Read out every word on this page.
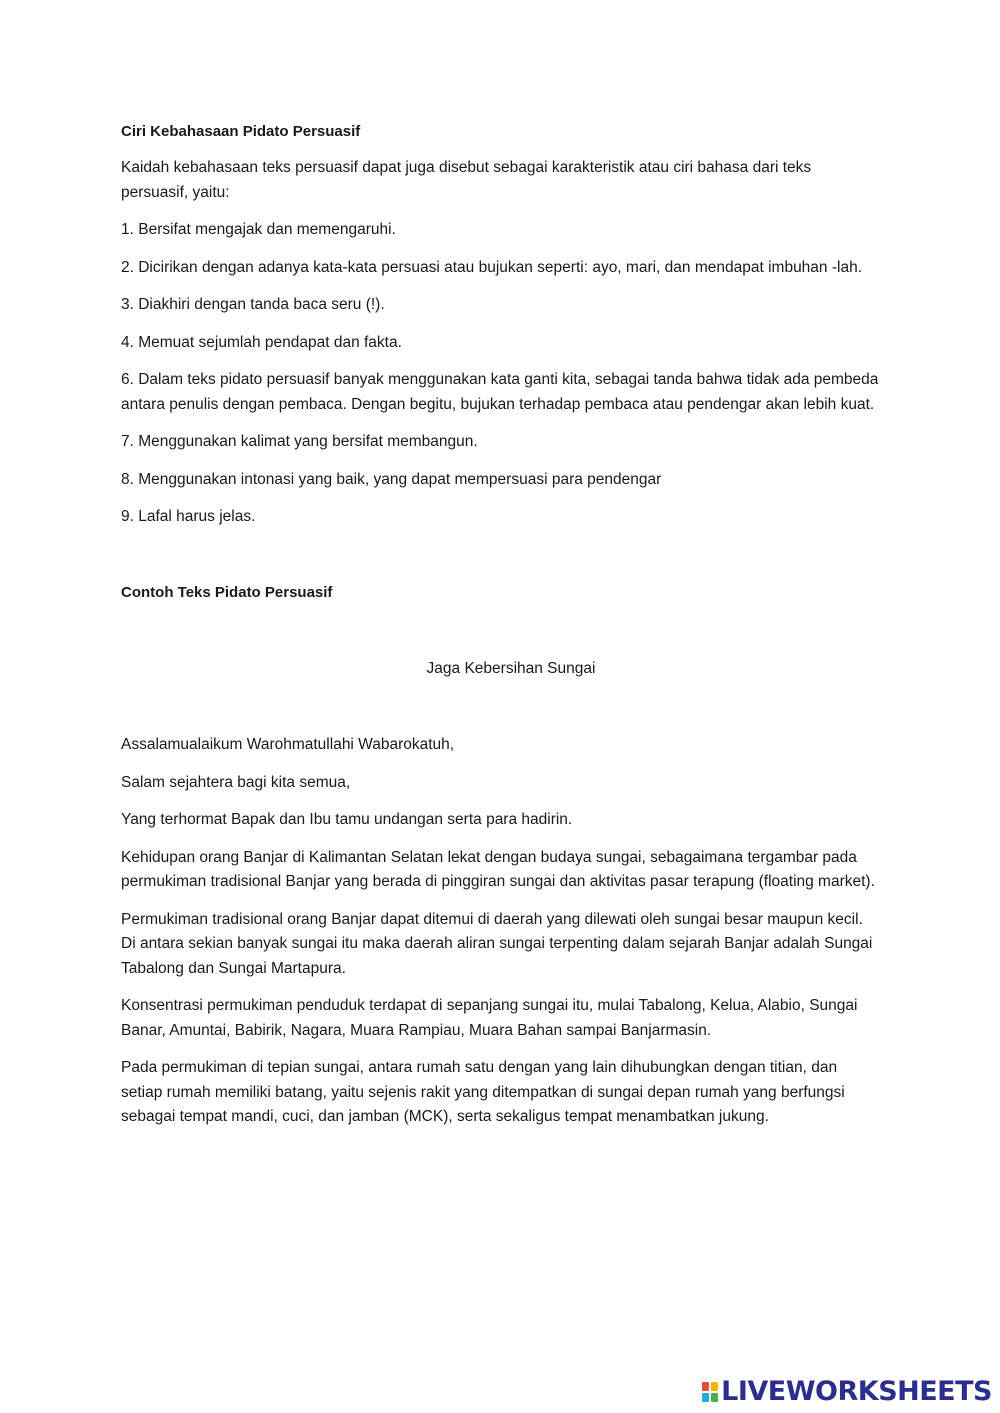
Ciri Kebahasaan Pidato Persuasif

Kaidah kebahasaan teks persuasif dapat juga disebut sebagai karakteristik atau ciri bahasa dari teks persuasif, yaitu:

1. Bersifat mengajak dan memengaruhi.

2. Dicirikan dengan adanya kata-kata persuasi atau bujukan seperti: ayo, mari, dan mendapat imbuhan -lah.

3. Diakhiri dengan tanda baca seru (!).

4. Memuat sejumlah pendapat dan fakta.

6. Dalam teks pidato persuasif banyak menggunakan kata ganti kita, sebagai tanda bahwa tidak ada pembeda antara penulis dengan pembaca. Dengan begitu, bujukan terhadap pembaca atau pendengar akan lebih kuat.

7. Menggunakan kalimat yang bersifat membangun.

8. Menggunakan intonasi yang baik, yang dapat mempersuasi para pendengar

9. Lafal harus jelas.

Contoh Teks Pidato Persuasif

Jaga Kebersihan Sungai

Assalamualaikum Warohmatullahi Wabarokatuh,

Salam sejahtera bagi kita semua,

Yang terhormat Bapak dan Ibu tamu undangan serta para hadirin.

Kehidupan orang Banjar di Kalimantan Selatan lekat dengan budaya sungai, sebagaimana tergambar pada permukiman tradisional Banjar yang berada di pinggiran sungai dan aktivitas pasar terapung (floating market).

Permukiman tradisional orang Banjar dapat ditemui di daerah yang dilewati oleh sungai besar maupun kecil. Di antara sekian banyak sungai itu maka daerah aliran sungai terpenting dalam sejarah Banjar adalah Sungai Tabalong dan Sungai Martapura.

Konsentrasi permukiman penduduk terdapat di sepanjang sungai itu, mulai Tabalong, Kelua, Alabio, Sungai Banar, Amuntai, Babirik, Nagara, Muara Rampiau, Muara Bahan sampai Banjarmasin.

Pada permukiman di tepian sungai, antara rumah satu dengan yang lain dihubungkan dengan titian, dan setiap rumah memiliki batang, yaitu sejenis rakit yang ditempatkan di sungai depan rumah yang berfungsi sebagai tempat mandi, cuci, dan jamban (MCK), serta sekaligus tempat menambatkan jukung.

LIVEWORKSHEETS
